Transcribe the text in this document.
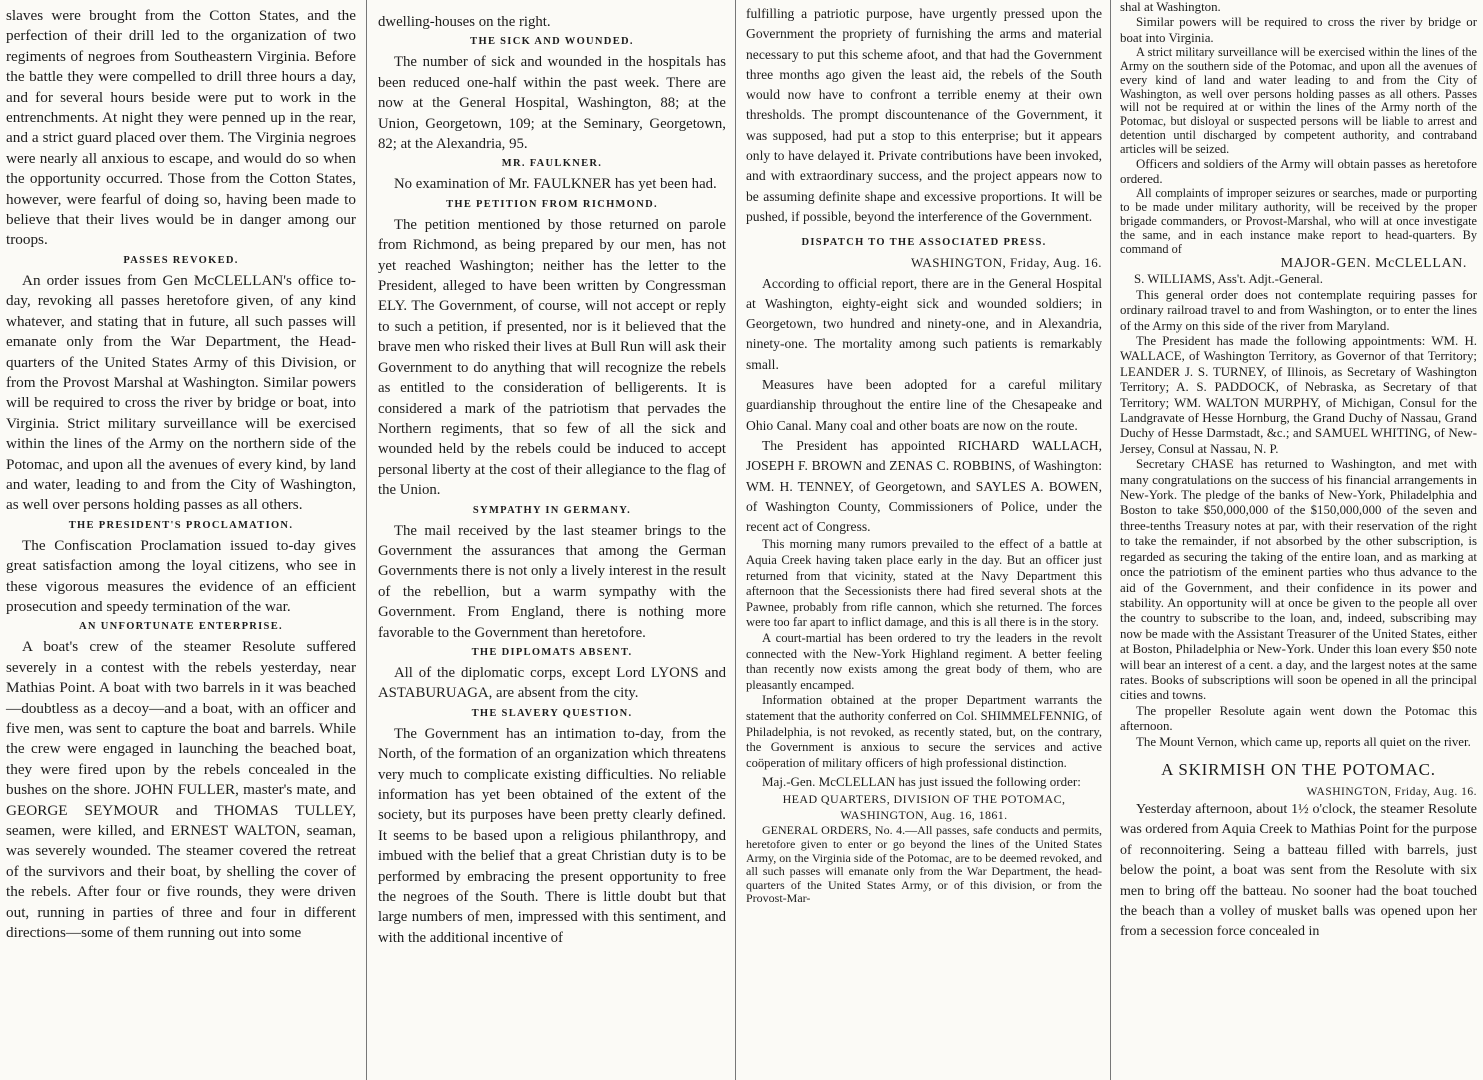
slaves were brought from the Cotton States, and the perfection of their drill led to the organization of two regiments of negroes from Southeastern Virginia. Before the battle they were compelled to drill three hours a day, and for several hours beside were put to work in the entrenchments. At night they were penned up in the rear, and a strict guard placed over them. The Virginia negroes were nearly all anxious to escape, and would do so when the opportunity occurred. Those from the Cotton States, however, were fearful of doing so, having been made to believe that their lives would be in danger among our troops.

PASSES REVOKED.

An order issues from Gen McCLELLAN's office to-day, revoking all passes heretofore given, of any kind whatever, and stating that in future, all such passes will emanate only from the War Department, the Head-quarters of the United States Army of this Division, or from the Provost Marshal at Washington. Similar powers will be required to cross the river by bridge or boat, into Virginia. Strict military surveillance will be exercised within the lines of the Army on the northern side of the Potomac, and upon all the avenues of every kind, by land and water, leading to and from the City of Washington, as well over persons holding passes as all others.

THE PRESIDENT'S PROCLAMATION.

The Confiscation Proclamation issued to-day gives great satisfaction among the loyal citizens, who see in these vigorous measures the evidence of an efficient prosecution and speedy termination of the war.

AN UNFORTUNATE ENTERPRISE.

A boat's crew of the steamer Resolute suffered severely in a contest with the rebels yesterday, near Mathias Point. A boat with two barrels in it was beached—doubtless as a decoy—and a boat, with an officer and five men, was sent to capture the boat and barrels. While the crew were engaged in launching the beached boat, they were fired upon by the rebels concealed in the bushes on the shore. JOHN FULLER, master's mate, and GEORGE SEYMOUR and THOMAS TULLEY, seamen, were killed, and ERNEST WALTON, seaman, was severely wounded. The steamer covered the retreat of the survivors and their boat, by shelling the cover of the rebels. After four or five rounds, they were driven out, running in parties of three and four in different directions—some of them running out into some

dwelling-houses on the right.

THE SICK AND WOUNDED.

The number of sick and wounded in the hospitals has been reduced one-half within the past week. There are now at the General Hospital, Washington, 88; at the Union, Georgetown, 109; at the Seminary, Georgetown, 82; at the Alexandria, 95.

MR. FAULKNER.

No examination of Mr. FAULKNER has yet been had.

THE PETITION FROM RICHMOND.

The petition mentioned by those returned on parole from Richmond, as being prepared by our men, has not yet reached Washington; neither has the letter to the President, alleged to have been written by Congressman ELY. The Government, of course, will not accept or reply to such a petition, if presented, nor is it believed that the brave men who risked their lives at Bull Run will ask their Government to do anything that will recognize the rebels as entitled to the consideration of belligerents. It is considered a mark of the patriotism that pervades the Northern regiments, that so few of all the sick and wounded held by the rebels could be induced to accept personal liberty at the cost of their allegiance to the flag of the Union.

SYMPATHY IN GERMANY.

The mail received by the last steamer brings to the Government the assurances that among the German Governments there is not only a lively interest in the result of the rebellion, but a warm sympathy with the Government. From England, there is nothing more favorable to the Government than heretofore.

THE DIPLOMATS ABSENT.

All of the diplomatic corps, except Lord LYONS and ASTABURUAGA, are absent from the city.

THE SLAVERY QUESTION.

The Government has an intimation to-day, from the North, of the formation of an organization which threatens very much to complicate existing difficulties. No reliable information has yet been obtained of the extent of the society, but its purposes have been pretty clearly defined. It seems to be based upon a religious philanthropy, and imbued with the belief that a great Christian duty is to be performed by embracing the present opportunity to free the negroes of the South. There is little doubt but that large numbers of men, impressed with this sentiment, and with the additional incentive of

fulfilling a patriotic purpose, have urgently pressed upon the Government the propriety of furnishing the arms and material necessary to put this scheme afoot, and that had the Government three months ago given the least aid, the rebels of the South would now have to confront a terrible enemy at their own thresholds. The prompt discountenance of the Government, it was supposed, had put a stop to this enterprise; but it appears only to have delayed it. Private contributions have been invoked, and with extraordinary success, and the project appears now to be assuming definite shape and excessive proportions. It will be pushed, if possible, beyond the interference of the Government.

DISPATCH TO THE ASSOCIATED PRESS.

WASHINGTON, Friday, Aug. 16.

According to official report, there are in the General Hospital at Washington, eighty-eight sick and wounded soldiers; in Georgetown, two hundred and ninety-one, and in Alexandria, ninety-one. The mortality among such patients is remarkably small.

Measures have been adopted for a careful military guardianship throughout the entire line of the Chesapeake and Ohio Canal. Many coal and other boats are now on the route.

The President has appointed RICHARD WALLACH, JOSEPH F. BROWN and ZENAS C. ROBBINS, of Washington: WM. H. TENNEY, of Georgetown, and SAYLES A. BOWEN, of Washington County, Commissioners of Police, under the recent act of Congress.

This morning many rumors prevailed to the effect of a battle at Aquia Creek having taken place early in the day. But an officer just returned from that vicinity, stated at the Navy Department this afternoon that the Secessionists there had fired several shots at the Pawnee, probably from rifle cannon, which she returned. The forces were too far apart to inflict damage, and this is all there is in the story.

A court-martial has been ordered to try the leaders in the revolt connected with the New-York Highland regiment. A better feeling than recently now exists among the great body of them, who are pleasantly encamped.

Information obtained at the proper Department warrants the statement that the authority conferred on Col. SHIMMELFENNIG, of Philadelphia, is not revoked, as recently stated, but, on the contrary, the Government is anxious to secure the services and active coöperation of military officers of high professional distinction.

Maj.-Gen. McCLELLAN has just issued the following order:

HEAD QUARTERS, DIVISION OF THE POTOMAC,

WASHINGTON, Aug. 16, 1861.

GENERAL ORDERS, No. 4.—All passes, safe conducts and permits, heretofore given to enter or go beyond the lines of the United States Army, on the Virginia side of the Potomac, are to be deemed revoked, and all such passes will emanate only from the War Department, the head-quarters of the United States Army, or of this division, or from the Provost-Mar-

shal at Washington.

Similar powers will be required to cross the river by bridge or boat into Virginia.

A strict military surveillance will be exercised within the lines of the Army on the southern side of the Potomac, and upon all the avenues of every kind of land and water leading to and from the City of Washington, as well over persons holding passes as all others. Passes will not be required at or within the lines of the Army north of the Potomac, but disloyal or suspected persons will be liable to arrest and detention until discharged by competent authority, and contraband articles will be seized.

Officers and soldiers of the Army will obtain passes as heretofore ordered.

All complaints of improper seizures or searches, made or purporting to be made under military authority, will be received by the proper brigade commanders, or Provost-Marshal, who will at once investigate the same, and in each instance make report to head-quarters. By command of

MAJOR-GEN. McCLELLAN.

S. WILLIAMS, Ass't. Adjt.-General.

This general order does not contemplate requiring passes for ordinary railroad travel to and from Washington, or to enter the lines of the Army on this side of the river from Maryland.

The President has made the following appointments: WM. H. WALLACE, of Washington Territory, as Governor of that Territory; LEANDER J. S. TURNEY, of Illinois, as Secretary of Washington Territory; A. S. PADDOCK, of Nebraska, as Secretary of that Territory; WM. WALTON MURPHY, of Michigan, Consul for the Landgravate of Hesse Hornburg, the Grand Duchy of Nassau, Grand Duchy of Hesse Darmstadt, &c.; and SAMUEL WHITING, of New-Jersey, Consul at Nassau, N. P.

Secretary CHASE has returned to Washington, and met with many congratulations on the success of his financial arrangements in New-York. The pledge of the banks of New-York, Philadelphia and Boston to take $50,000,000 of the $150,000,000 of the seven and three-tenths Treasury notes at par, with their reservation of the right to take the remainder, if not absorbed by the other subscription, is regarded as securing the taking of the entire loan, and as marking at once the patriotism of the eminent parties who thus advance to the aid of the Government, and their confidence in its power and stability. An opportunity will at once be given to the people all over the country to subscribe to the loan, and, indeed, subscribing may now be made with the Assistant Treasurer of the United States, either at Boston, Philadelphia or New-York. Under this loan every $50 note will bear an interest of a cent. a day, and the largest notes at the same rates. Books of subscriptions will soon be opened in all the principal cities and towns.

The propeller Resolute again went down the Potomac this afternoon.

The Mount Vernon, which came up, reports all quiet on the river.

A SKIRMISH ON THE POTOMAC.

WASHINGTON, Friday, Aug. 16.

Yesterday afternoon, about 1½ o'clock, the steamer Resolute was ordered from Aquia Creek to Mathias Point for the purpose of reconnoitering. Seing a batteau filled with barrels, just below the point, a boat was sent from the Resolute with six men to bring off the batteau. No sooner had the boat touched the beach than a volley of musket balls was opened upon her from a secession force concealed in
